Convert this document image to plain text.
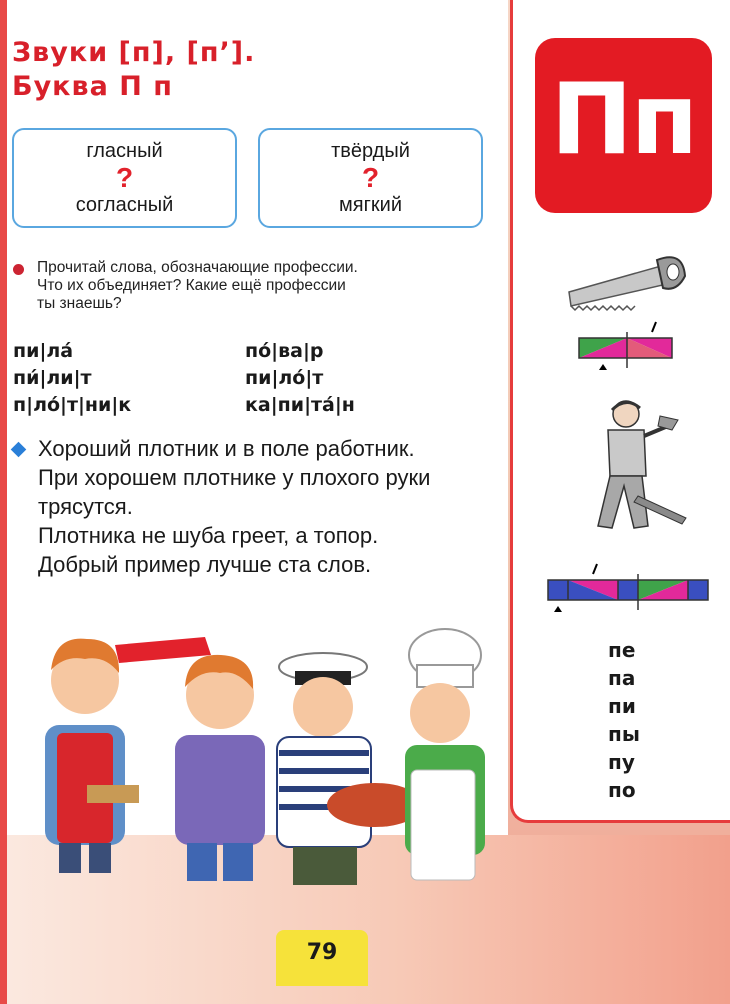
Звуки [п], [п’].
Буква П п
гласный
?
согласный
твёрдый
?
мягкий
Прочитай слова, обозначающие профессии.
Что их объединяет? Какие ещё профессии
ты знаешь?
пи|ла́
пи́|ли|т
п|ло́|т|ни|к
по́|ва|р
пи|ло́|т
ка|пи|та́|н

Хороший плотник и в поле работник.

При хорошем плотнике у плохого руки трясутся.

Плотника не шуба греет, а топор.

Добрый пример лучше ста слов.

Пп
пе
па
пи
пы
пу
по
79
